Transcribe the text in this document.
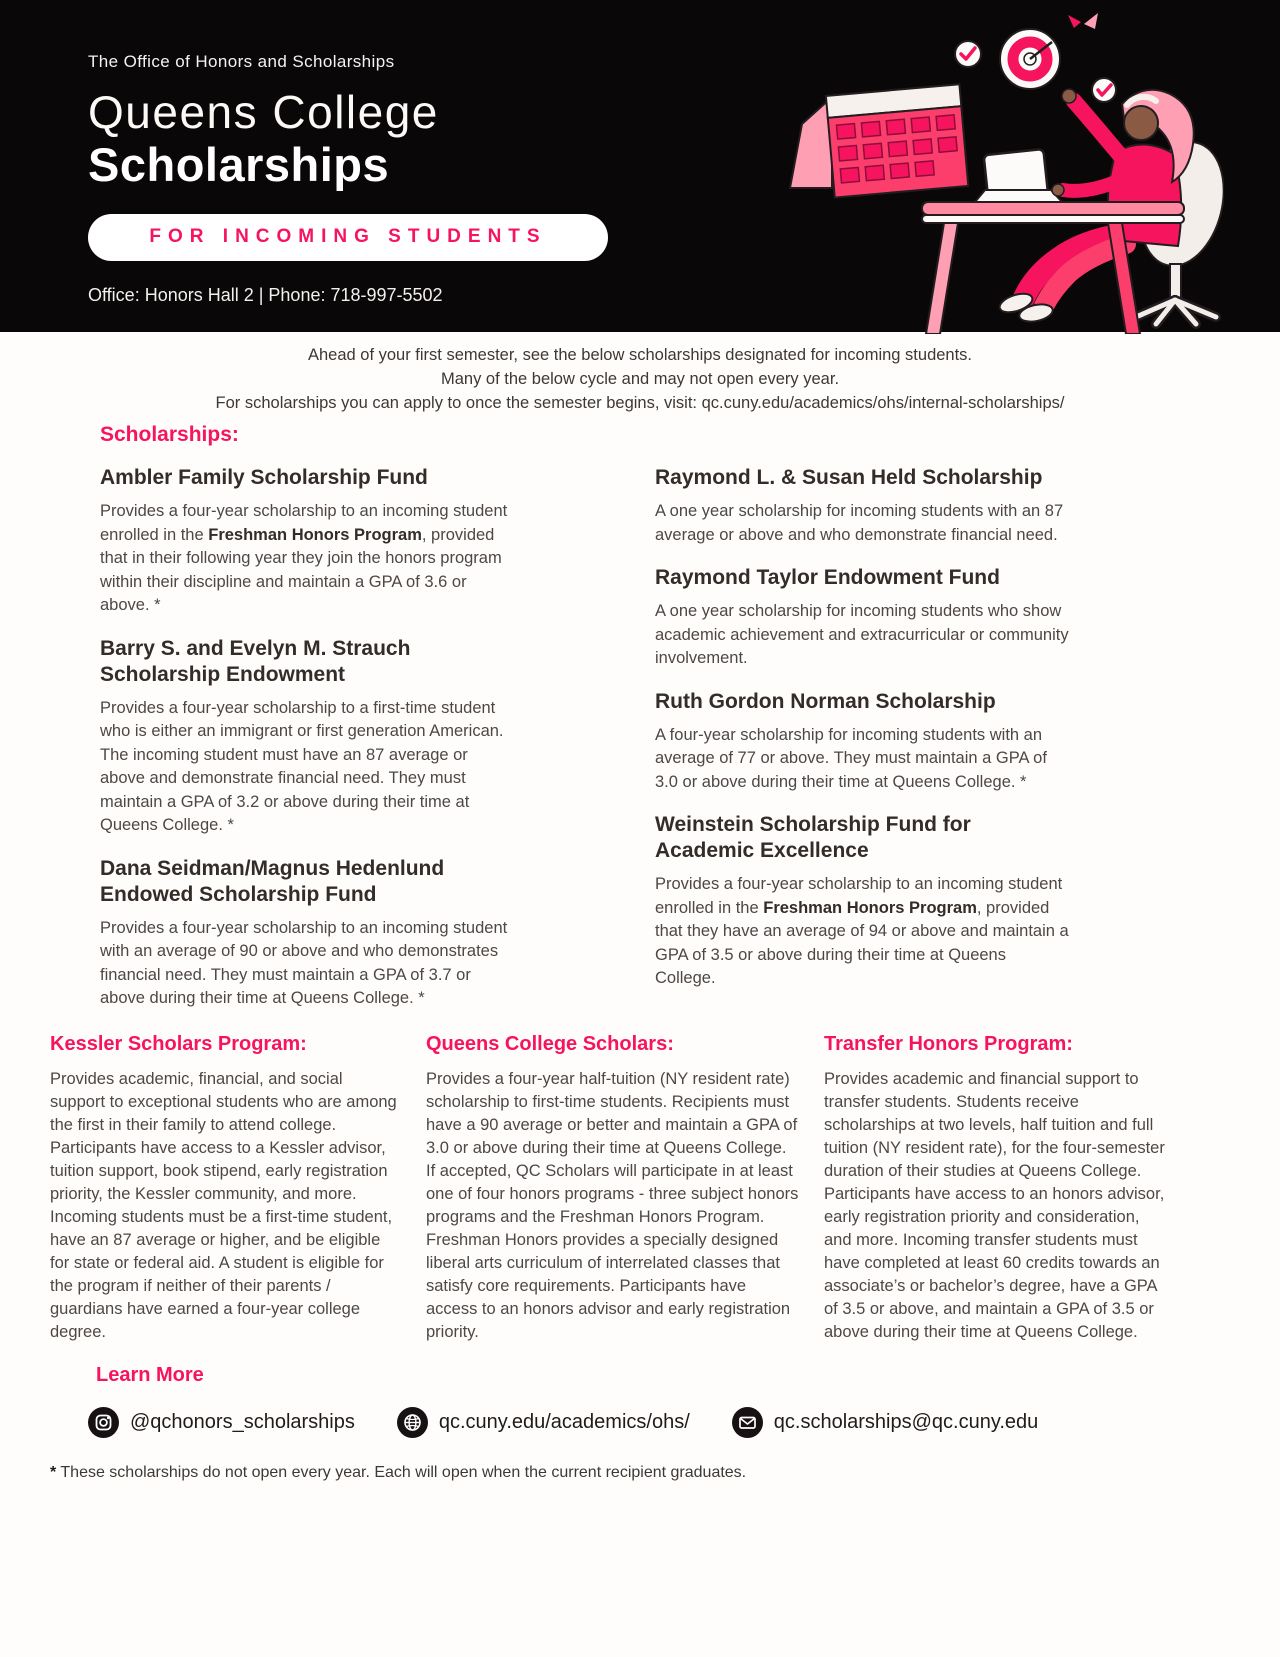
The Office of Honors and Scholarships
Queens College
Scholarships
FOR INCOMING STUDENTS
Office: Honors Hall 2 | Phone: 718-997-5502

Ahead of your first semester, see the below scholarships designated for incoming students.

Many of the below cycle and may not open every year.

For scholarships you can apply to once the semester begins, visit: qc.cuny.edu/academics/ohs/internal-scholarships/

Scholarships:
Ambler Family Scholarship Fund

Provides a four-year scholarship to an incoming student enrolled in the Freshman Honors Program, provided that in their following year they join the honors program within their discipline and maintain a GPA of 3.6 or above. *

Barry S. and Evelyn M. Strauch Scholarship Endowment

Provides a four-year scholarship to a first-time student who is either an immigrant or first generation American. The incoming student must have an 87 average or above and demonstrate financial need. They must maintain a GPA of 3.2 or above during their time at Queens College. *

Dana Seidman/Magnus Hedenlund Endowed Scholarship Fund

Provides a four-year scholarship to an incoming student with an average of 90 or above and who demonstrates financial need. They must maintain a GPA of 3.7 or above during their time at Queens College. *

Raymond L. & Susan Held Scholarship

A one year scholarship for incoming students with an 87 average or above and who demonstrate financial need.

Raymond Taylor Endowment Fund

A one year scholarship for incoming students who show academic achievement and extracurricular or community involvement.

Ruth Gordon Norman Scholarship

A four-year scholarship for incoming students with an average of 77 or above. They must maintain a GPA of 3.0 or above during their time at Queens College. *

Weinstein Scholarship Fund for Academic Excellence

Provides a four-year scholarship to an incoming student enrolled in the Freshman Honors Program, provided that they have an average of 94 or above and maintain a GPA of 3.5 or above during their time at Queens College.

Kessler Scholars Program:

Provides academic, financial, and social support to exceptional students who are among the first in their family to attend college. Participants have access to a Kessler advisor, tuition support, book stipend, early registration priority, the Kessler community, and more. Incoming students must be a first-time student, have an 87 average or higher, and be eligible for state or federal aid. A student is eligible for the program if neither of their parents / guardians have earned a four-year college degree.

Queens College Scholars:

Provides a four-year half-tuition (NY resident rate) scholarship to first-time students. Recipients must have a 90 average or better and maintain a GPA of 3.0 or above during their time at Queens College. If accepted, QC Scholars will participate in at least one of four honors programs - three subject honors programs and the Freshman Honors Program. Freshman Honors provides a specially designed liberal arts curriculum of interrelated classes that satisfy core requirements. Participants have access to an honors advisor and early registration priority.

Transfer Honors Program:

Provides academic and financial support to transfer students. Students receive scholarships at two levels, half tuition and full tuition (NY resident rate), for the four-semester duration of their studies at Queens College. Participants have access to an honors advisor, early registration priority and consideration, and more. Incoming transfer students must have completed at least 60 credits towards an associate’s or bachelor’s degree, have a GPA of 3.5 or above, and maintain a GPA of 3.5 or above during their time at Queens College.

Learn More
@qchonors_scholarships	qc.cuny.edu/academics/ohs/	qc.scholarships@qc.cuny.edu

* These scholarships do not open every year. Each will open when the current recipient graduates.
